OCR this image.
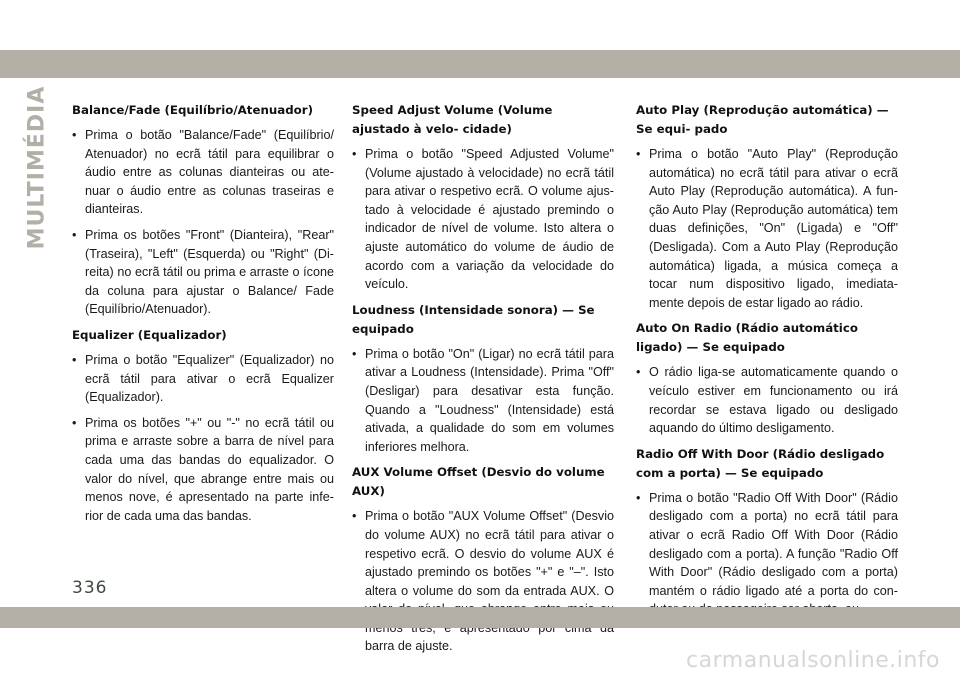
MULTIMÉDIA Balance/Fade (Equilíbrio/Atenuador)
• Prima o botão "Balance/Fade" (Equilíbrio/ Atenuador) no ecrã tátil para equilibrar o áudio entre as colunas dianteiras ou ate- nuar o áudio entre as colunas traseiras e dianteiras.
• Prima os botões "Front" (Dianteira), "Rear" (Traseira), "Left" (Esquerda) ou "Right" (Di- reita) no ecrã tátil ou prima e arraste o ícone da coluna para ajustar o Balance/ Fade (Equilíbrio/Atenuador).
Equalizer (Equalizador)
• Prima o botão "Equalizer" (Equalizador) no ecrã tátil para ativar o ecrã Equalizer (Equalizador).
• Prima os botões "+" ou "-" no ecrã tátil ou prima e arraste sobre a barra de nível para cada uma das bandas do equalizador. O valor do nível, que abrange entre mais ou menos nove, é apresentado na parte infe- rior de cada uma das bandas.
Speed Adjust Volume (Volume ajustado à velo- cidade)
• Prima o botão "Speed Adjusted Volume" (Volume ajustado à velocidade) no ecrã tátil para ativar o respetivo ecrã. O volume ajus- tado à velocidade é ajustado premindo o indicador de nível de volume. Isto altera o ajuste automático do volume de áudio de acordo com a variação da velocidade do veículo.
Loudness (Intensidade sonora) — Se equipado
• Prima o botão "On" (Ligar) no ecrã tátil para ativar a Loudness (Intensidade). Prima "Off" (Desligar) para desativar esta função. Quando a "Loudness" (Intensidade) está ativada, a qualidade do som em volumes inferiores melhora.
AUX Volume Offset (Desvio do volume AUX)
• Prima o botão "AUX Volume Offset" (Desvio do volume AUX) no ecrã tátil para ativar o respetivo ecrã. O desvio do volume AUX é ajustado premindo os botões "+" e "–". Isto altera o volume do som da entrada AUX. O barra de ajuste.
Auto Play (Reprodução automática) — Se equi- pado
• Prima o botão "Auto Play" (Reprodução automática) no ecrã tátil para ativar o ecrã Auto Play (Reprodução automática). A fun- ção Auto Play (Reprodução automática) tem duas definições, "On" (Ligada) e "Off" (Desligada). Com a Auto Play (Reprodução automática) ligada, a música começa a tocar num dispositivo ligado, imediata- mente depois de estar ligado ao rádio.
Auto On Radio (Rádio automático ligado) — Se equipado
• O rádio liga-se automaticamente quando o veículo estiver em funcionamento ou irá recordar se estava ligado ou desligado aquando do último desligamento.
Radio Off With Door (Rádio desligado com a porta) — Se equipado
• Prima o botão "Radio Off With Door" (Rádio desligado com a porta) no ecrã tátil para ativar o ecrã Radio Off With Door (Rádio desligado com a porta). A função "Radio Off With Door" (Rádio desligado com a porta) mantém o rádio ligado até a porta do con-
336
carmanualsonline.info
